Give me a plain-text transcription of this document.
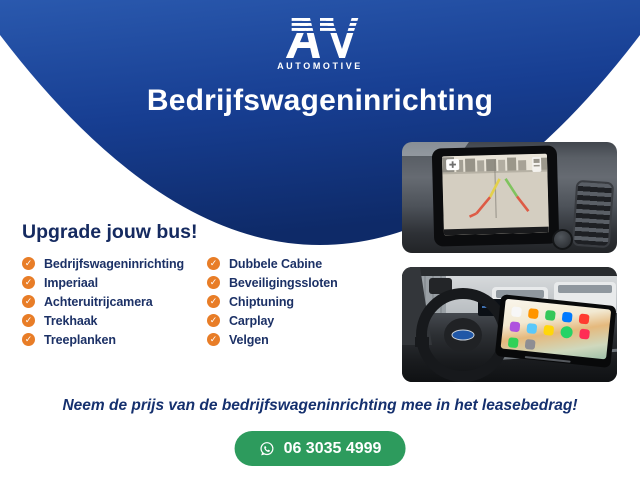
AUTOMOTIVE
Bedrijfswageninrichting
Upgrade jouw bus!
✓
Bedrijfswageninrichting
✓
Imperiaal
✓
Achteruitrijcamera
✓
Trekhaak
✓
Treeplanken
✓
Dubbele Cabine
✓
Beveiligingssloten
✓
Chiptuning
✓
Carplay
✓
Velgen
Neem de prijs van de bedrijfswageninrichting mee in het leasebedrag!
06 3035 4999
